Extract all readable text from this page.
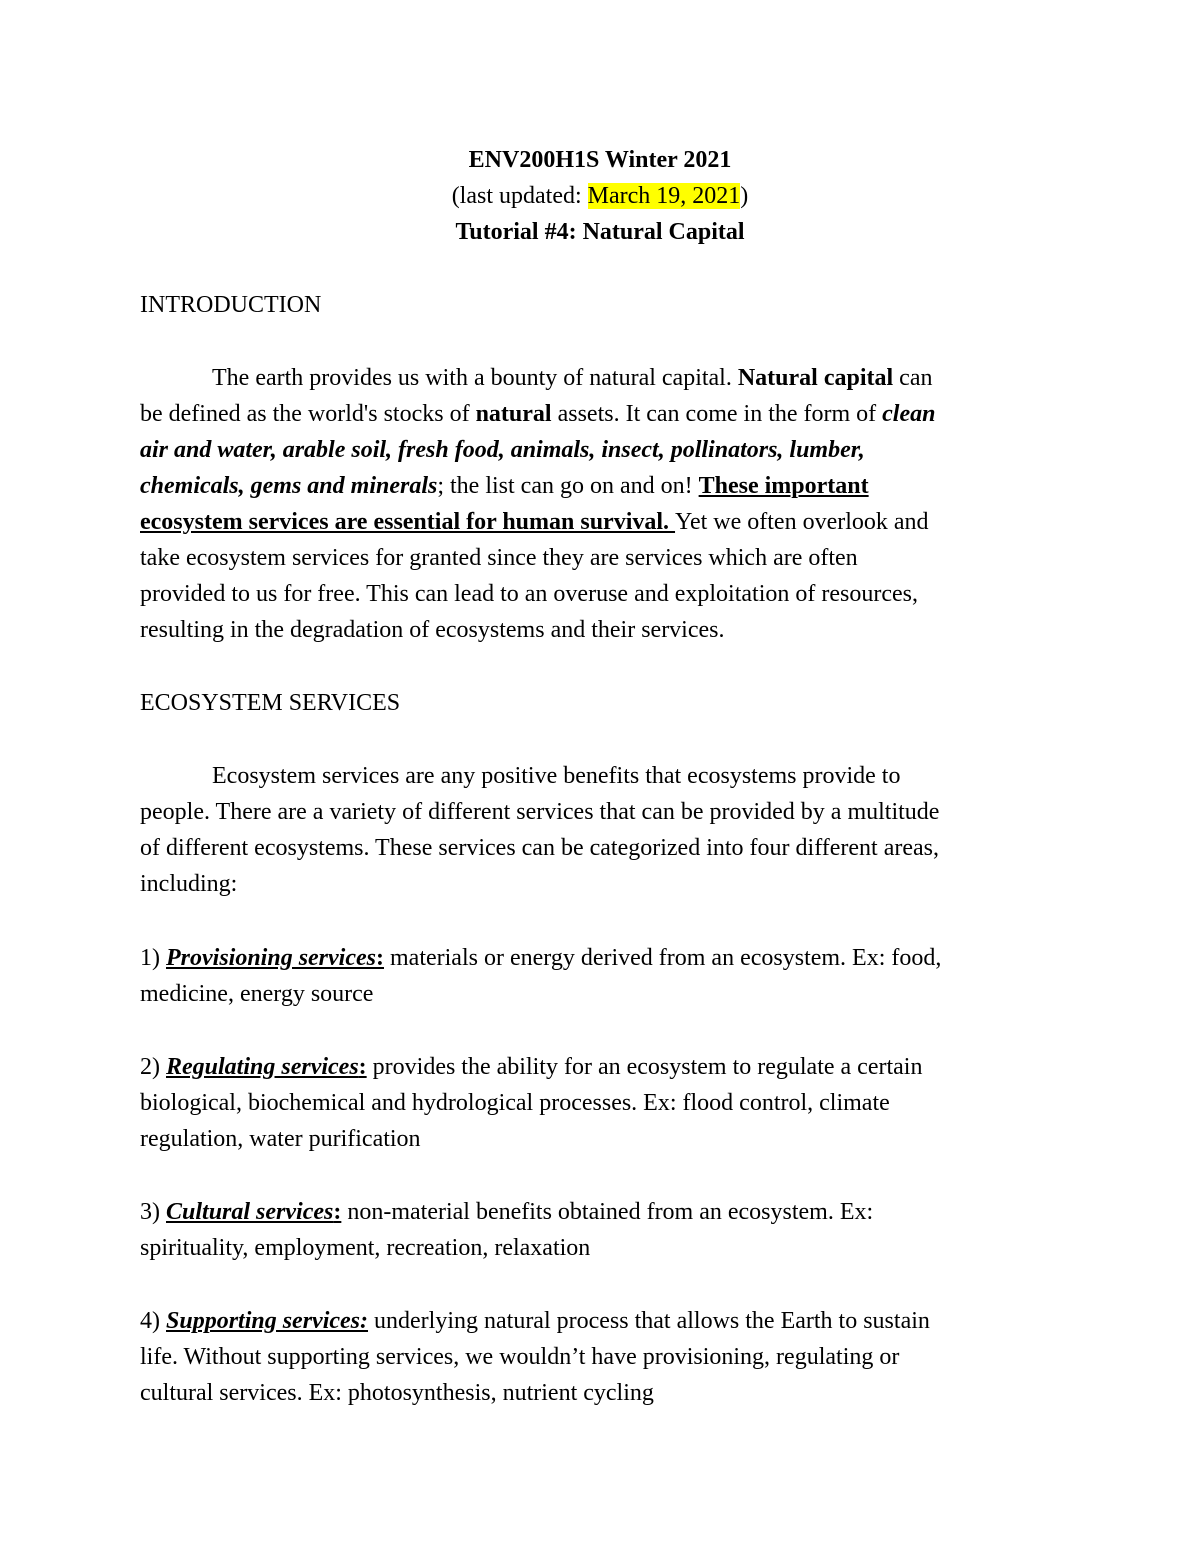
ENV200H1S Winter 2021
(last updated: March 19, 2021)
Tutorial #4: Natural Capital
INTRODUCTION
The earth provides us with a bounty of natural capital. Natural capital can
be defined as the world's stocks of natural assets. It can come in the form of clean
air and water, arable soil, fresh food, animals, insect, pollinators, lumber,
chemicals, gems and minerals; the list can go on and on! These important
ecosystem services are essential for human survival. Yet we often overlook and
take ecosystem services for granted since they are services which are often
provided to us for free. This can lead to an overuse and exploitation of resources,
resulting in the degradation of ecosystems and their services.
ECOSYSTEM SERVICES
Ecosystem services are any positive benefits that ecosystems provide to
people. There are a variety of different services that can be provided by a multitude
of different ecosystems. These services can be categorized into four different areas,
including:
1) Provisioning services: materials or energy derived from an ecosystem. Ex: food,
medicine, energy source
2) Regulating services: provides the ability for an ecosystem to regulate a certain
biological, biochemical and hydrological processes. Ex: flood control, climate
regulation, water purification
3) Cultural services: non-material benefits obtained from an ecosystem. Ex:
spirituality, employment, recreation, relaxation
4) Supporting services: underlying natural process that allows the Earth to sustain
life. Without supporting services, we wouldn’t have provisioning, regulating or
cultural services. Ex: photosynthesis, nutrient cycling
